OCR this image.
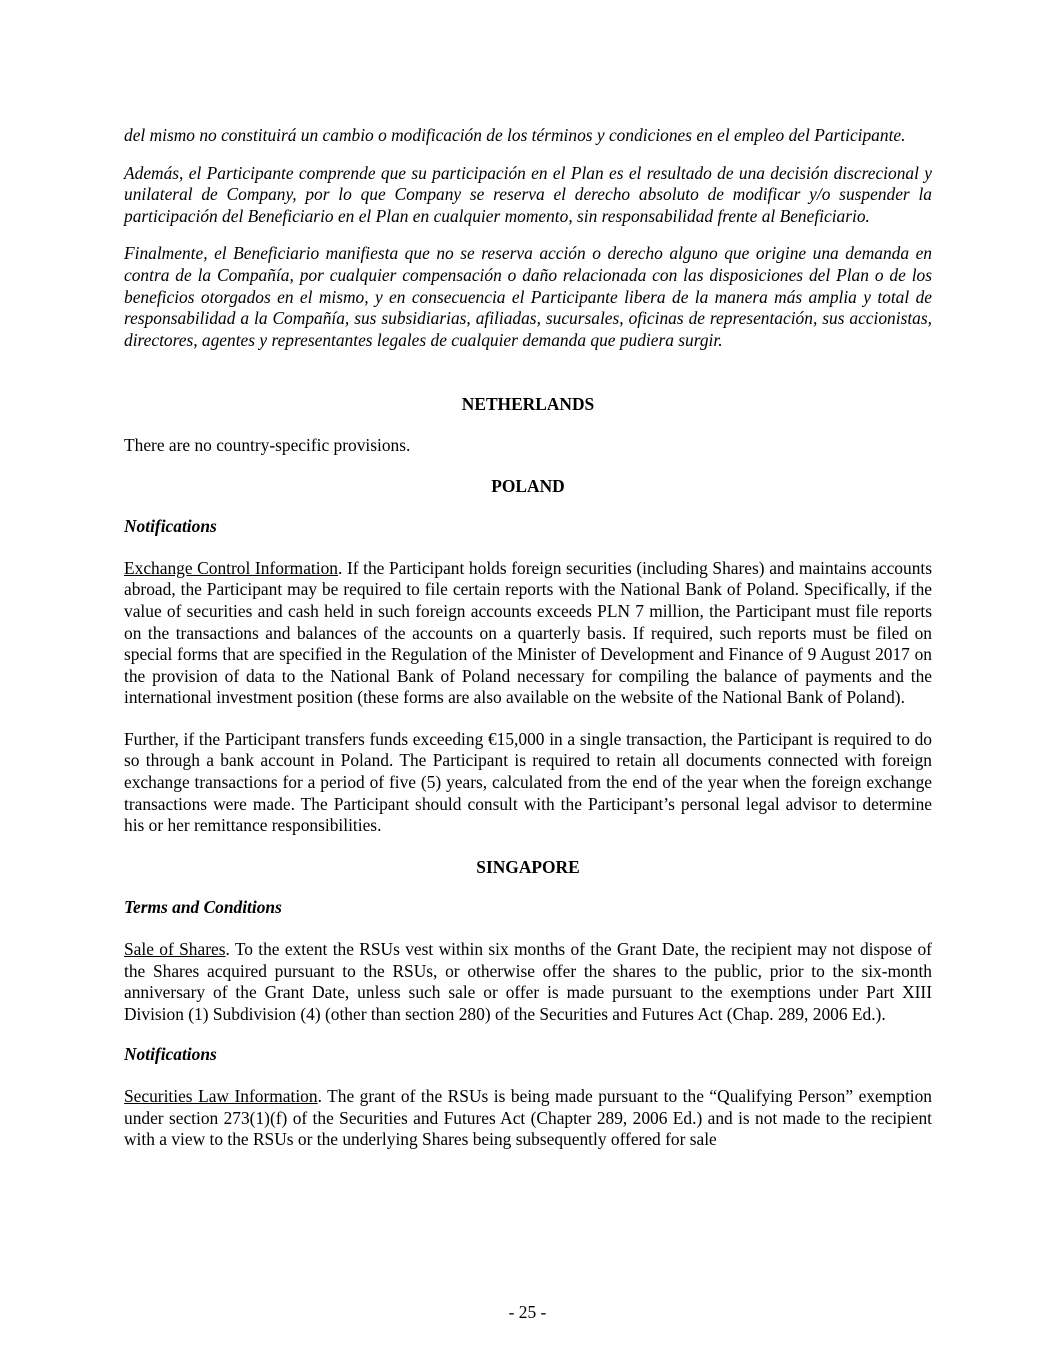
del mismo no constituirá un cambio o modificación de los términos y condiciones en el empleo del Participante.

Además, el Participante comprende que su participación en el Plan es el resultado de una decisión discrecional y unilateral de Company, por lo que Company se reserva el derecho absoluto de modificar y/o suspender la participación del Beneficiario en el Plan en cualquier momento, sin responsabilidad frente al Beneficiario.

Finalmente, el Beneficiario manifiesta que no se reserva acción o derecho alguno que origine una demanda en contra de la Compañía, por cualquier compensación o daño relacionada con las disposiciones del Plan o de los beneficios otorgados en el mismo, y en consecuencia el Participante libera de la manera más amplia y total de responsabilidad a la Compañía, sus subsidiarias, afiliadas, sucursales, oficinas de representación, sus accionistas, directores, agentes y representantes legales de cualquier demanda que pudiera surgir.

NETHERLANDS

There are no country-specific provisions.

POLAND

Notifications

Exchange Control Information. If the Participant holds foreign securities (including Shares) and maintains accounts abroad, the Participant may be required to file certain reports with the National Bank of Poland. Specifically, if the value of securities and cash held in such foreign accounts exceeds PLN 7 million, the Participant must file reports on the transactions and balances of the accounts on a quarterly basis. If required, such reports must be filed on special forms that are specified in the Regulation of the Minister of Development and Finance of 9 August 2017 on the provision of data to the National Bank of Poland necessary for compiling the balance of payments and the international investment position (these forms are also available on the website of the National Bank of Poland).

Further, if the Participant transfers funds exceeding €15,000 in a single transaction, the Participant is required to do so through a bank account in Poland. The Participant is required to retain all documents connected with foreign exchange transactions for a period of five (5) years, calculated from the end of the year when the foreign exchange transactions were made. The Participant should consult with the Participant’s personal legal advisor to determine his or her remittance responsibilities.

SINGAPORE

Terms and Conditions

Sale of Shares. To the extent the RSUs vest within six months of the Grant Date, the recipient may not dispose of the Shares acquired pursuant to the RSUs, or otherwise offer the shares to the public, prior to the six-month anniversary of the Grant Date, unless such sale or offer is made pursuant to the exemptions under Part XIII Division (1) Subdivision (4) (other than section 280) of the Securities and Futures Act (Chap. 289, 2006 Ed.).

Notifications

Securities Law Information. The grant of the RSUs is being made pursuant to the “Qualifying Person” exemption under section 273(1)(f) of the Securities and Futures Act (Chapter 289, 2006 Ed.) and is not made to the recipient with a view to the RSUs or the underlying Shares being subsequently offered for sale

- 25 -
